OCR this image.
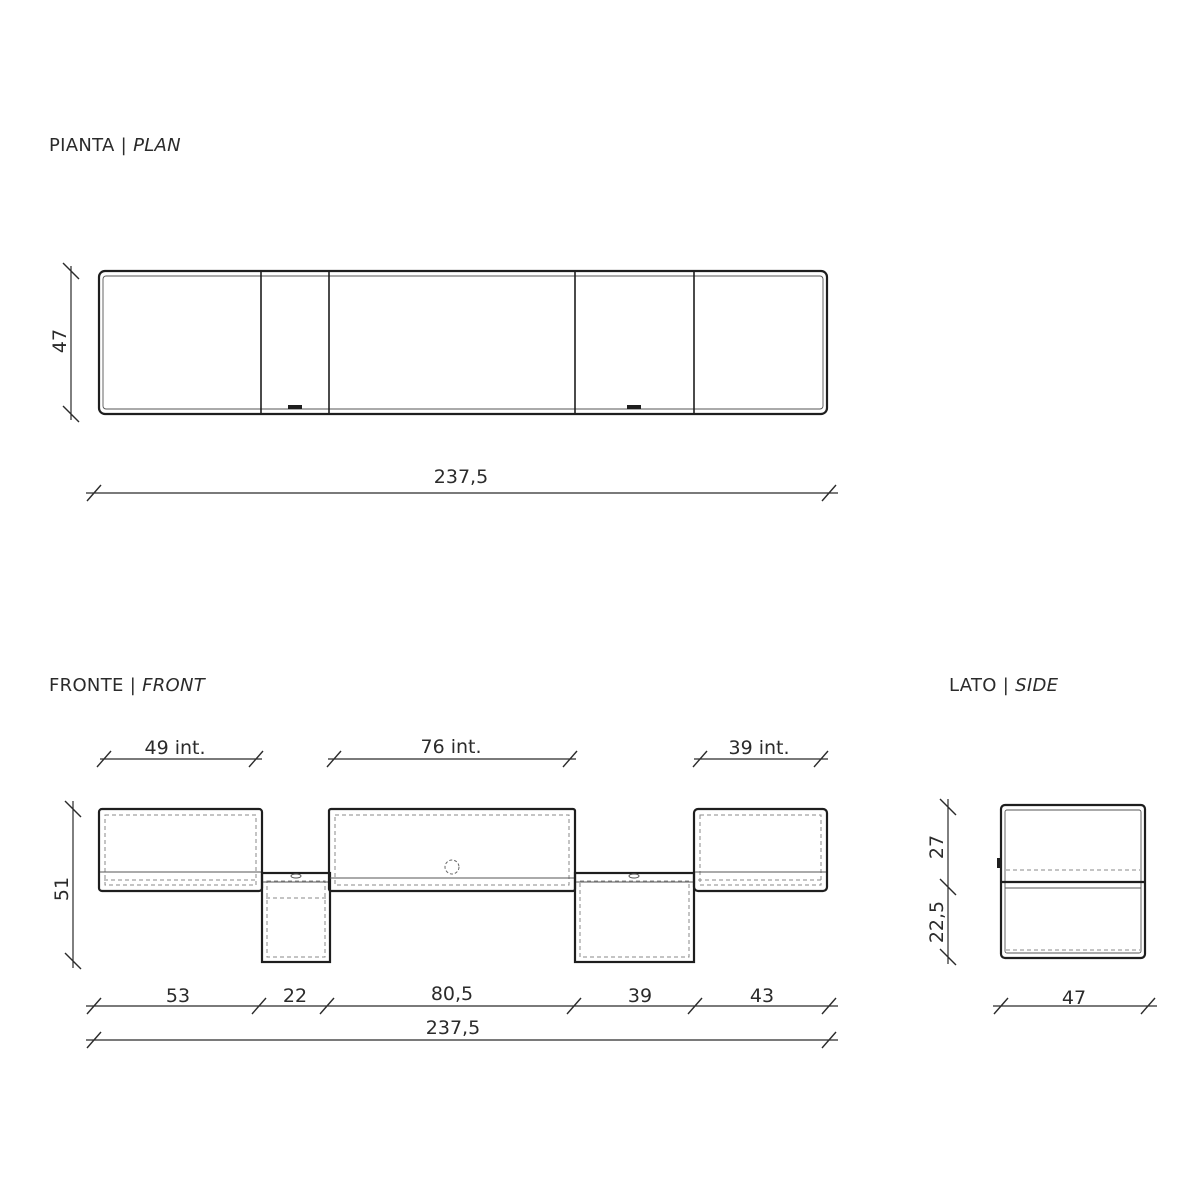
PIANTA | PLAN
FRONTE | FRONT	LATO | SIDE
47
237,5
49 int.	76 int.	39 int.
51
53	22	80,5	39	43
237,5
27
22,5
47
